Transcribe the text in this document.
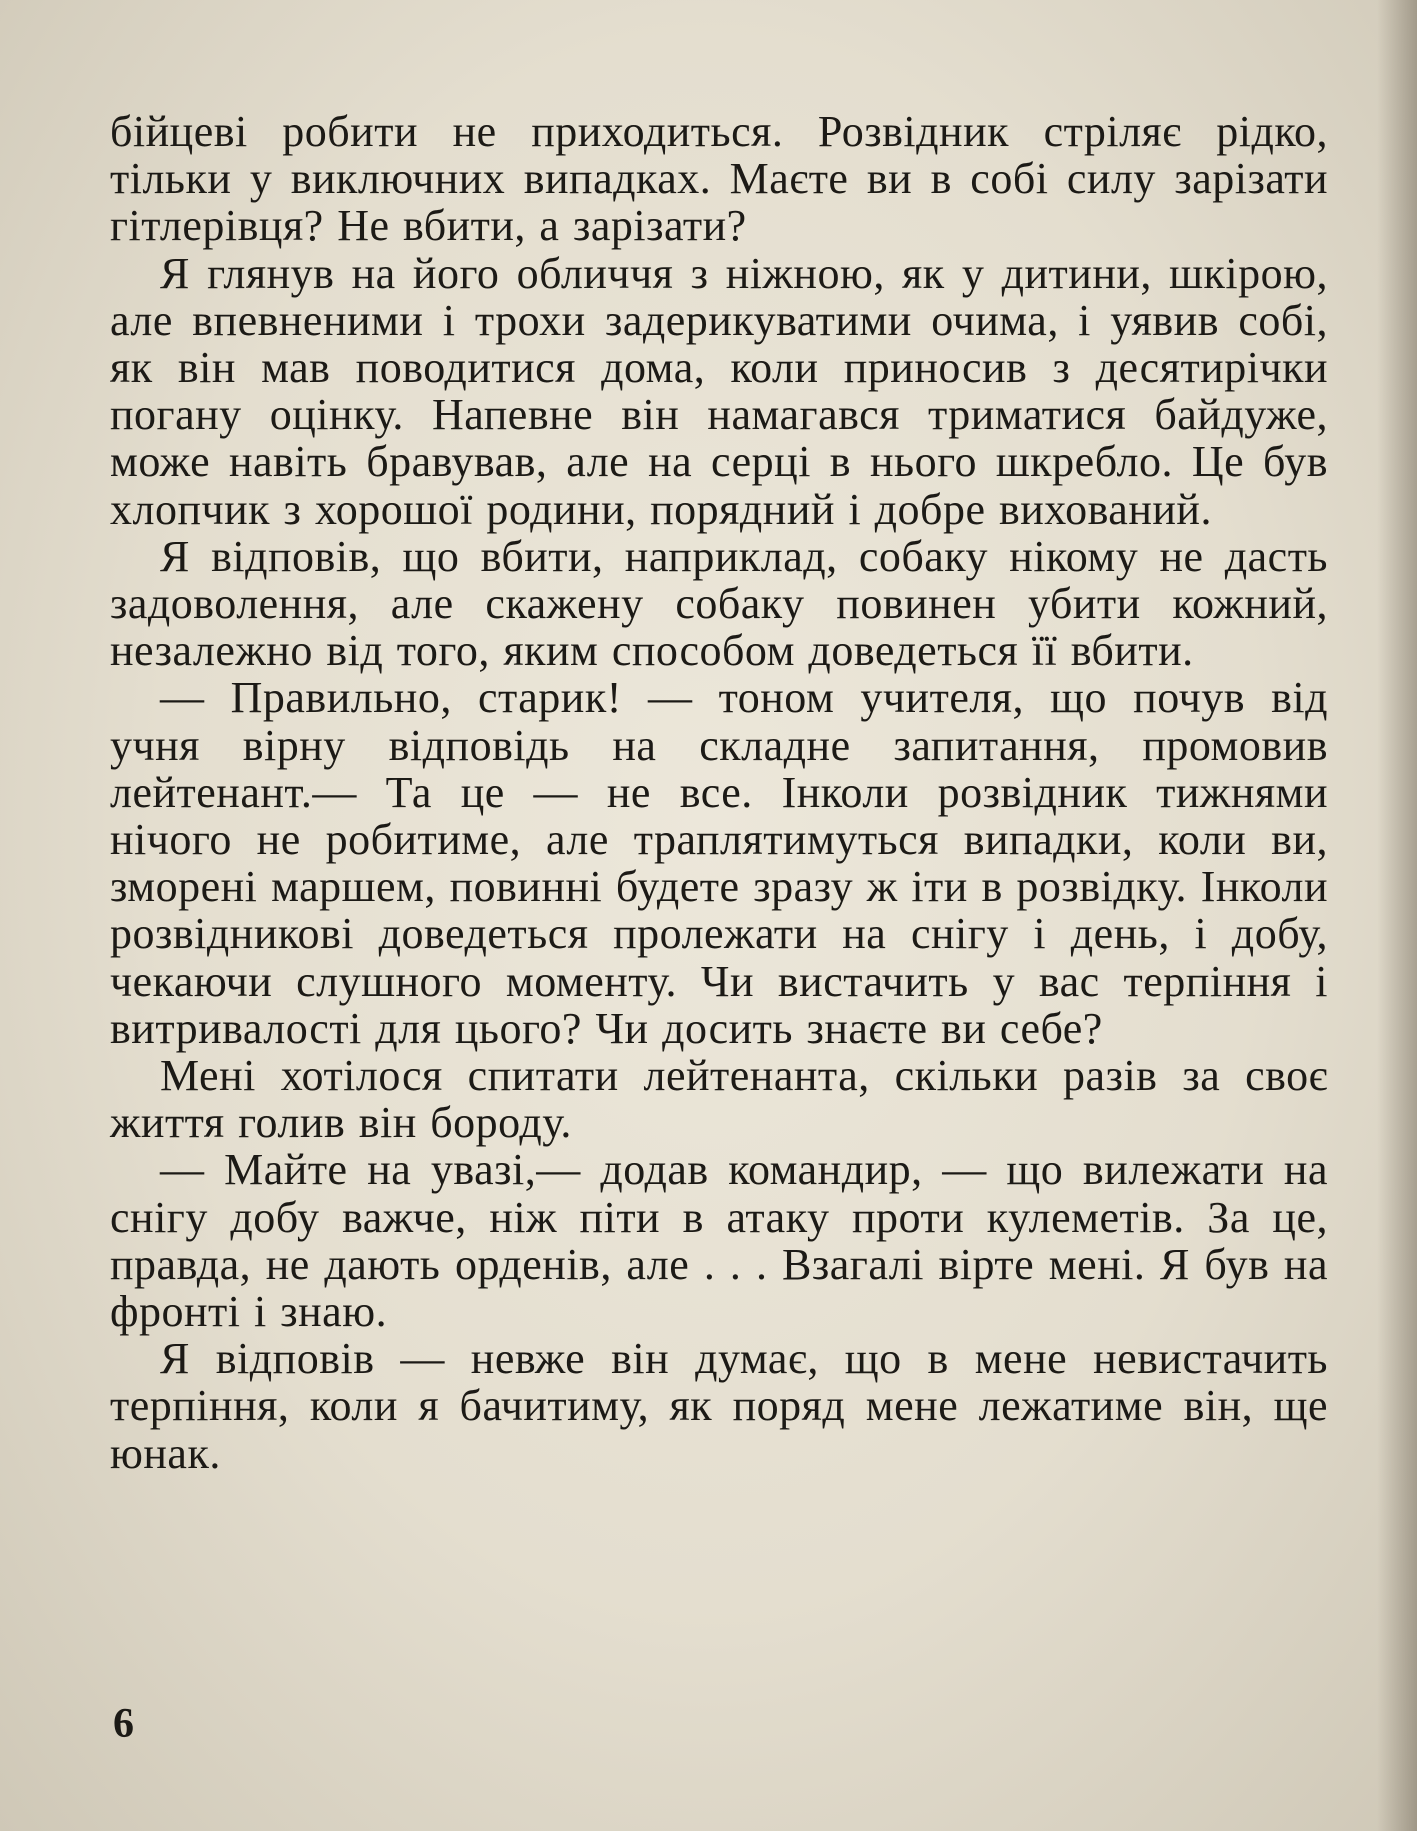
бійцеві робити не приходиться. Розвідник стріляє рідко, тільки у виключних випадках. Маєте ви в собі силу зарізати гітлерівця? Не вбити, а зарізати?

Я глянув на його обличчя з ніжною, як у дитини, шкірою, але впевненими і трохи задерикуватими очима, і уявив собі, як він мав поводитися дома, коли приносив з десятирічки погану оцінку. Напевне він намагався триматися байдуже, може навіть бравував, але на серці в нього шкребло. Це був хлопчик з хорошої родини, порядний і добре вихований.

Я відповів, що вбити, наприклад, собаку нікому не дасть задоволення, але скажену собаку повинен убити кожний, незалежно від того, яким способом доведеться її вбити.

— Правильно, старик! — тоном учителя, що почув від учня вірну відповідь на складне запитання, промовив лейтенант.— Та це — не все. Інколи розвідник тижнями нічого не робитиме, але траплятимуться випадки, коли ви, зморені маршем, повинні будете зразу ж іти в розвідку. Інколи розвідникові доведеться пролежати на снігу і день, і добу, чекаючи слушного моменту. Чи вистачить у вас терпіння і витривалості для цього? Чи досить знаєте ви себе?

Мені хотілося спитати лейтенанта, скільки разів за своє життя голив він бороду.

— Майте на увазі,— додав командир, — що вилежати на снігу добу важче, ніж піти в атаку проти кулеметів. За це, правда, не дають орденів, але . . . Взагалі вірте мені. Я був на фронті і знаю.

Я відповів — невже він думає, що в мене невистачить терпіння, коли я бачитиму, як поряд мене лежатиме він, ще юнак.

6
